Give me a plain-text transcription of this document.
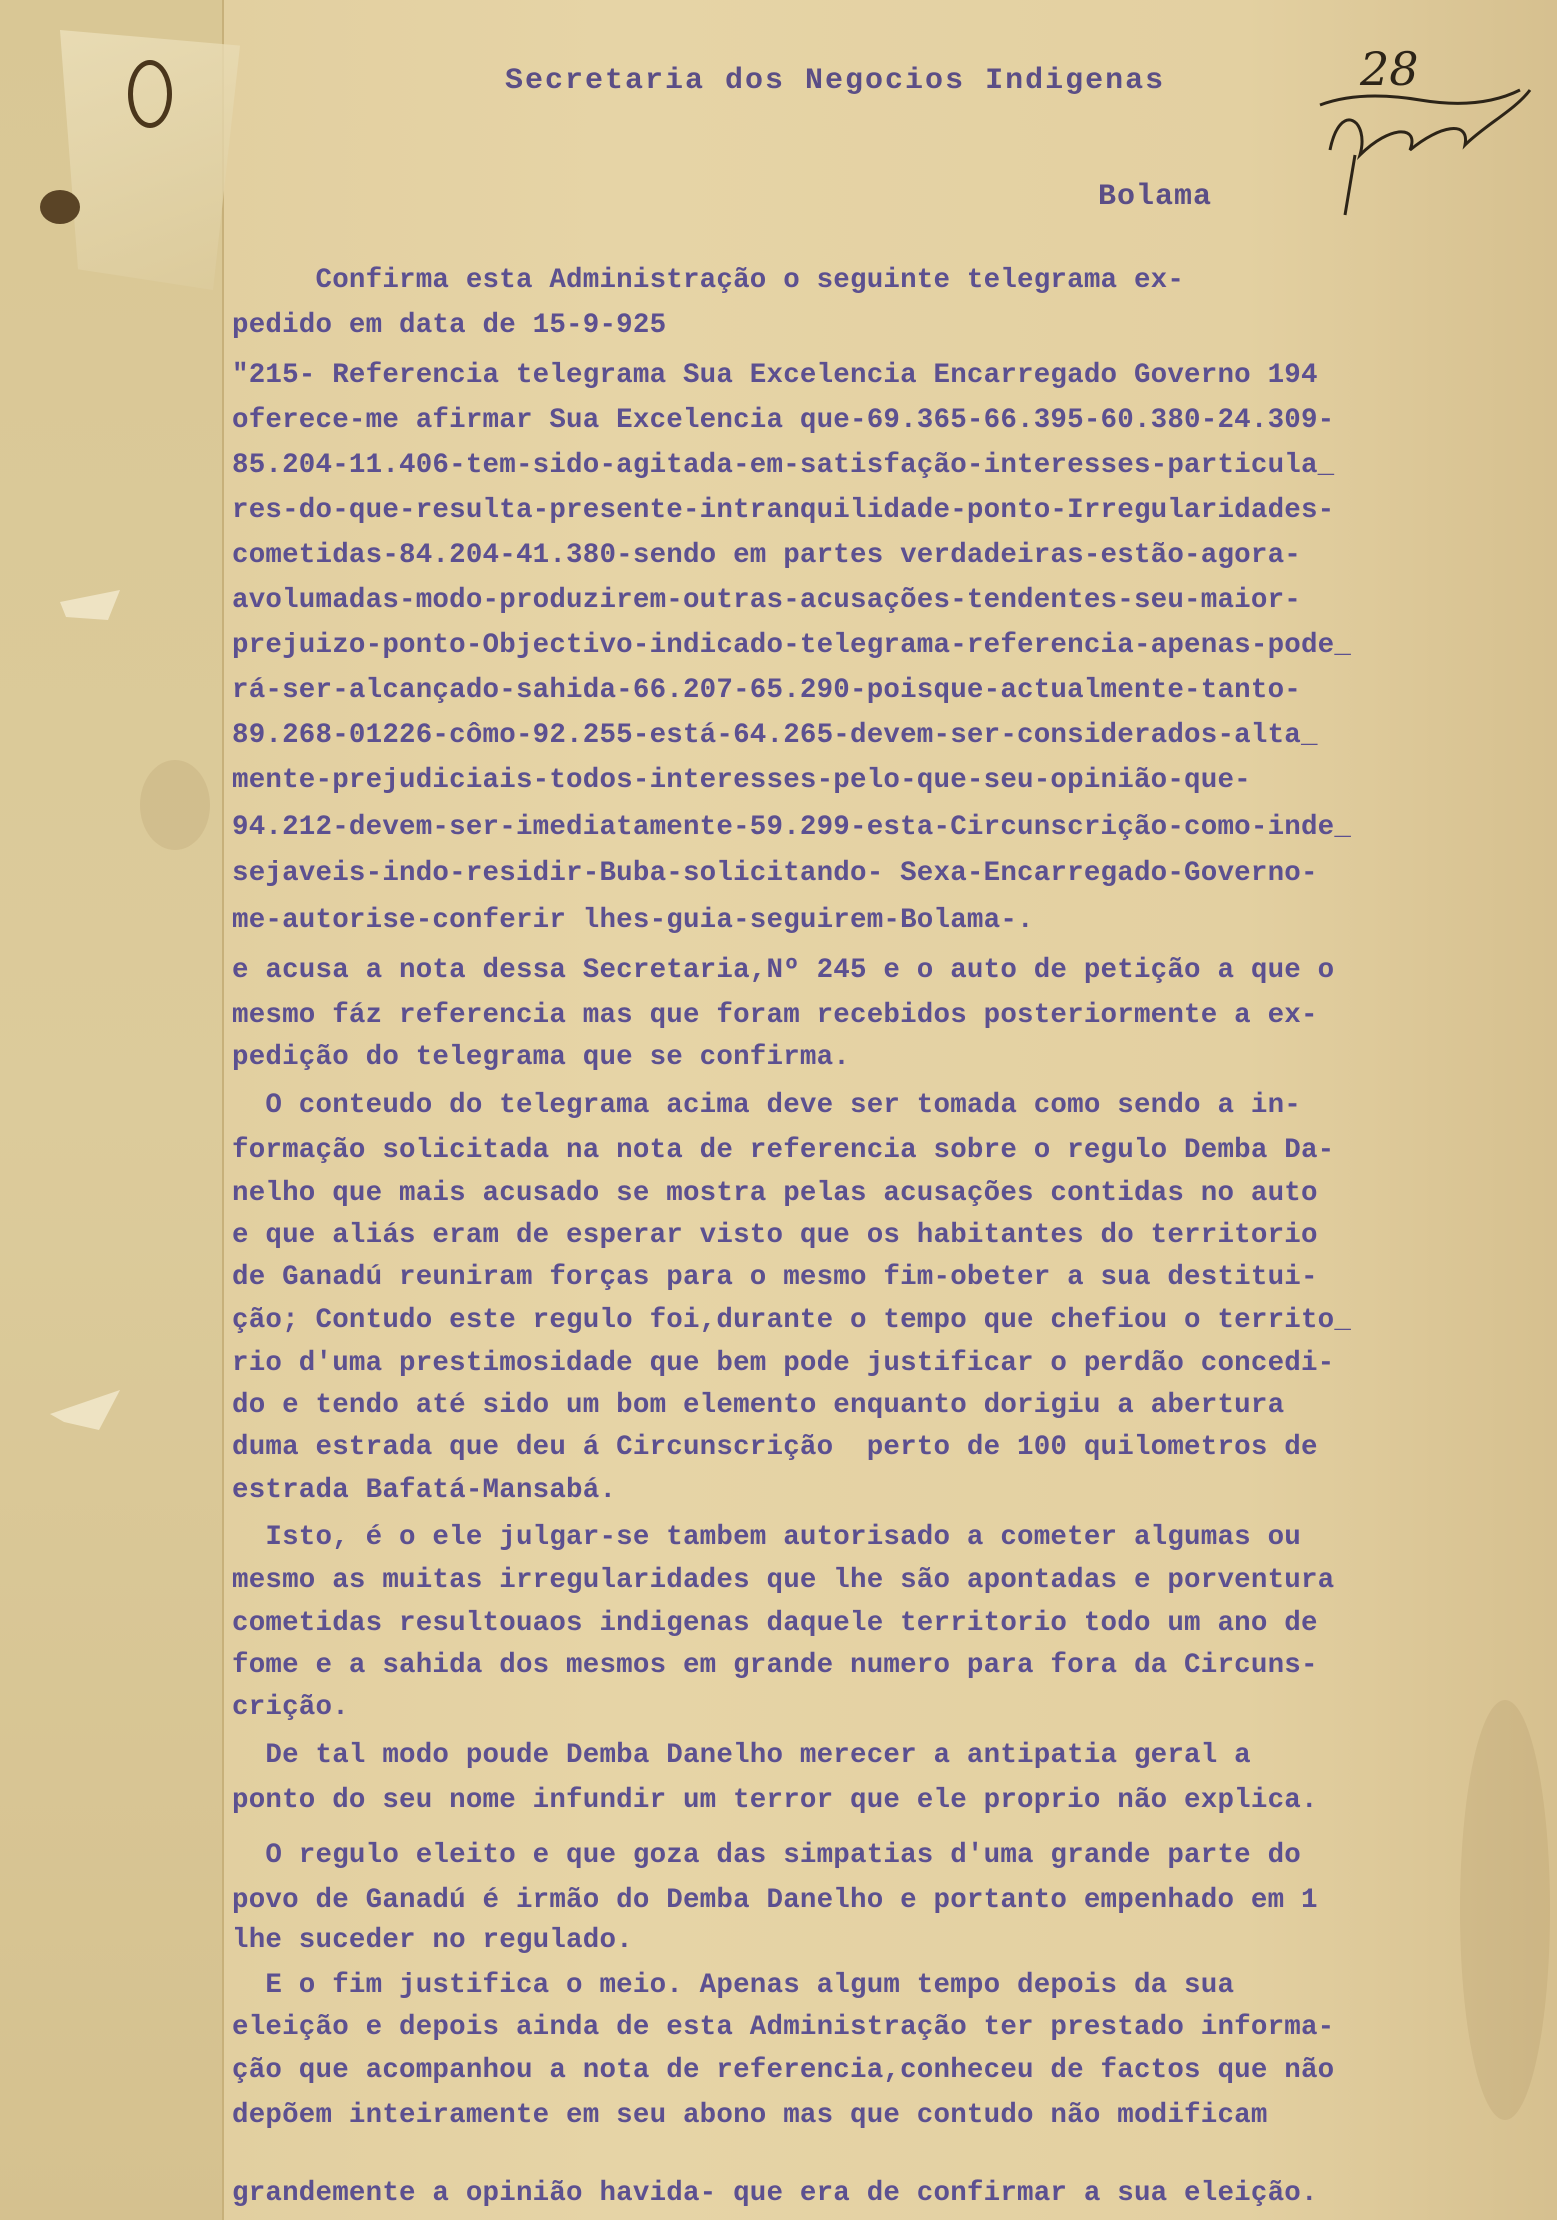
Secretaria dos Negocios Indigenas
Bolama
28
Confirma esta Administração o seguinte telegrama ex-
pedido em data de 15-9-925
"215- Referencia telegrama Sua Excelencia Encarregado Governo 194
oferece-me afirmar Sua Excelencia que-69.365-66.395-60.380-24.309-
85.204-11.406-tem-sido-agitada-em-satisfação-interesses-particula_
res-do-que-resulta-presente-intranquilidade-ponto-Irregularidades-
cometidas-84.204-41.380-sendo em partes verdadeiras-estão-agora-
avolumadas-modo-produzirem-outras-acusações-tendentes-seu-maior-
prejuizo-ponto-Objectivo-indicado-telegrama-referencia-apenas-pode_
rá-ser-alcançado-sahida-66.207-65.290-poisque-actualmente-tanto-
89.268-01226-cômo-92.255-está-64.265-devem-ser-considerados-alta_
mente-prejudiciais-todos-interesses-pelo-que-seu-opinião-que-
94.212-devem-ser-imediatamente-59.299-esta-Circunscrição-como-inde_
sejaveis-indo-residir-Buba-solicitando- Sexa-Encarregado-Governo-
me-autorise-conferir lhes-guia-seguirem-Bolama-.
e acusa a nota dessa Secretaria,Nº 245 e o auto de petição a que o
mesmo fáz referencia mas que foram recebidos posteriormente a ex-
pedição do telegrama que se confirma.
O conteudo do telegrama acima deve ser tomada como sendo a in-
formação solicitada na nota de referencia sobre o regulo Demba Da-
nelho que mais acusado se mostra pelas acusações contidas no auto
e que aliás eram de esperar visto que os habitantes do territorio
de Ganadú reuniram forças para o mesmo fim-obeter a sua destitui-
ção; Contudo este regulo foi,durante o tempo que chefiou o territo_
rio d'uma prestimosidade que bem pode justificar o perdão concedi-
do e tendo até sido um bom elemento enquanto dorigiu a abertura
duma estrada que deu á Circunscrição  perto de 100 quilometros de
estrada Bafatá-Mansabá.
Isto, é o ele julgar-se tambem autorisado a cometer algumas ou
mesmo as muitas irregularidades que lhe são apontadas e porventura
cometidas resultouaos indigenas daquele territorio todo um ano de
fome e a sahida dos mesmos em grande numero para fora da Circuns-
crição.
De tal modo poude Demba Danelho merecer a antipatia geral a
ponto do seu nome infundir um terror que ele proprio não explica.
O regulo eleito e que goza das simpatias d'uma grande parte do
povo de Ganadú é irmão do Demba Danelho e portanto empenhado em 1
lhe suceder no regulado.
E o fim justifica o meio. Apenas algum tempo depois da sua
eleição e depois ainda de esta Administração ter prestado informa-
ção que acompanhou a nota de referencia,conheceu de factos que não
depõem inteiramente em seu abono mas que contudo não modificam
grandemente a opinião havida- que era de confirmar a sua eleição.
